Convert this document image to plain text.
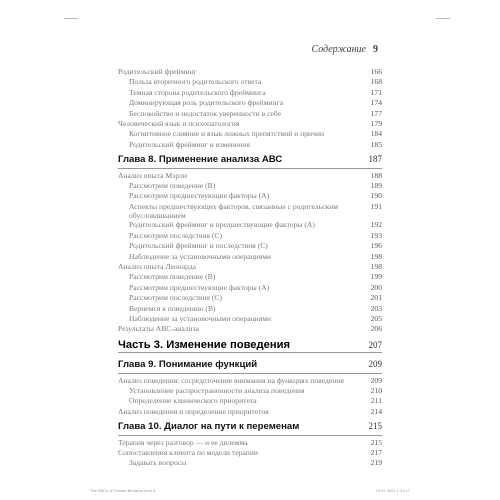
Содержание 9
Родительский фрейминг	166
Польза вторичного родительского ответа	168
Темная сторона родительского фрейминга	171
Доминирующая роль родительского фрейминга	174
Беспокойство и недостаток уверенности в себе	177
Человеческий язык и психопатология	179
Когнитивное слияние и язык ложных препятствий и причин	184
Родительский фрейминг и изменения	185
Глава 8. Применение анализа АВС	187
Анализ опыта Мэрли	188
Рассмотрим поведение (B)	189
Рассмотрим предшествующие факторы (A)	190
Аспекты предшествующих факторов, связанные с родительским обусловливанием
191
Родительский фрейминг и предшествующие факторы (A)	192
Рассмотрим последствия (C)	193
Родительский фрейминг и последствия (C)	196
Наблюдение за установочными операциями	198
Анализ опыта Леонарда	198
Рассмотрим поведение (B)	199
Рассмотрим предшествующие факторы (A)	200
Рассмотрим последствия (C)	201
Вернемся к поведению (B)	203
Наблюдение за установочными операциями	205
Результаты АВС-анализа	206
Часть 3. Изменение поведения	207
Глава 9. Понимание функций	209
Анализ поведения: сосредоточение внимания на функциях поведения	209
Установление распространенности анализа поведения	210
Определение клинического приоритета	211
Анализ поведения и определение приоритетов	214
Глава 10. Диалог на пути к переменам	215
Терапия через разговор — и ее дилемма	215
Сопоставления клиента по модели терапии	217
Задавать вопросы	219
The ABCs of Human Behavior.indd 9	23.07.2021 1:22:17
